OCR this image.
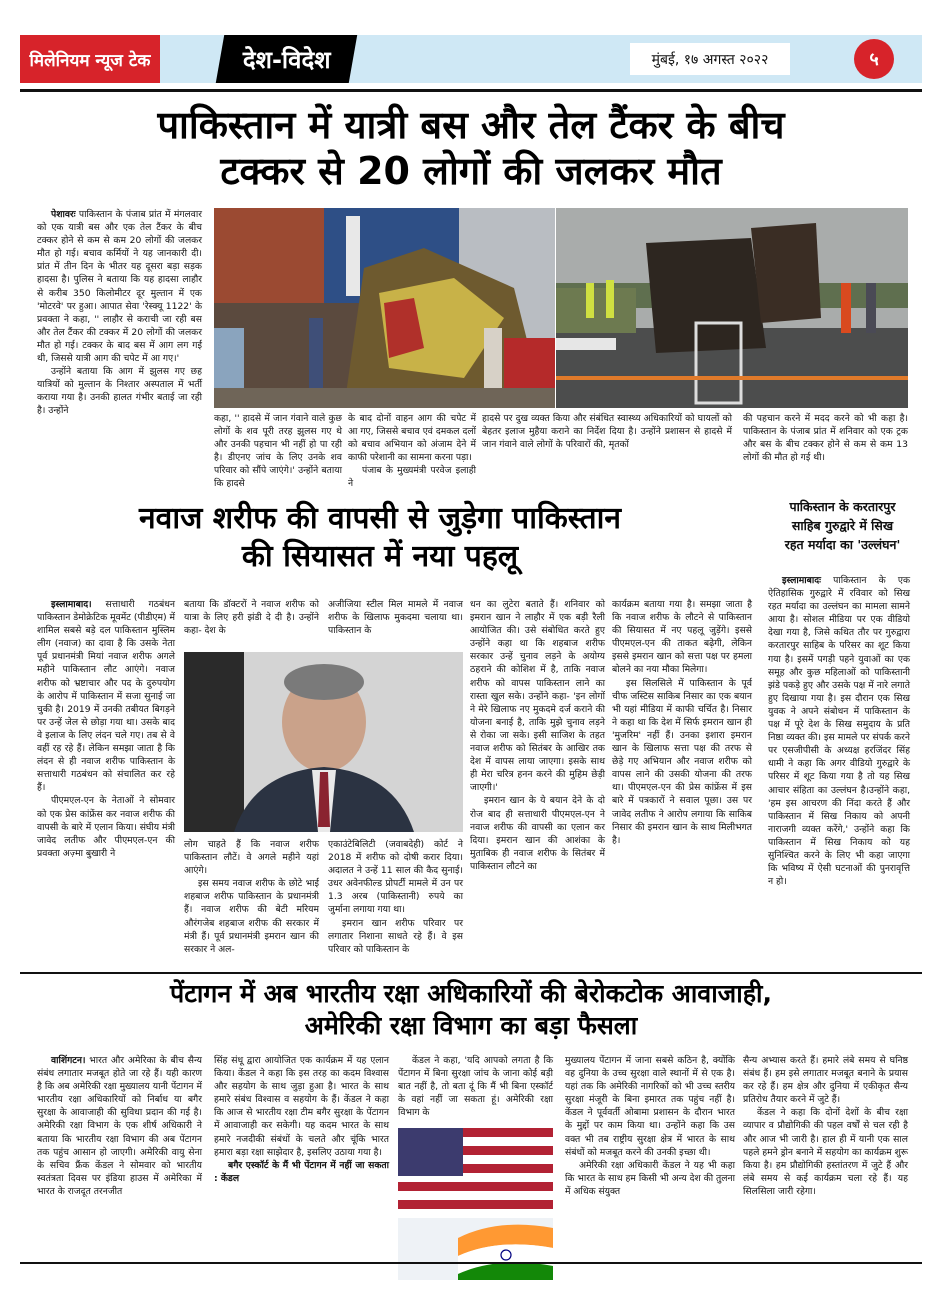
मिलेनियम न्यूज टेक	देश-विदेश	मुंबई, १७ अगस्त २०२२	५
पाकिस्तान में यात्री बस और तेल टैंकर के बीच
टक्कर से 20 लोगों की जलकर मौत

पेशावरः पाकिस्तान के पंजाब प्रांत में मंगलवार को एक यात्री बस और एक तेल टैंकर के बीच टक्कर होने से कम से कम 20 लोगों की जलकर मौत हो गई। बचाव कर्मियों ने यह जानकारी दी। प्रांत में तीन दिन के भीतर यह दूसरा बड़ा सड़क हादसा है। पुलिस ने बताया कि यह हादसा लाहौर से करीब 350 किलोमीटर दूर मुल्तान में एक 'मोटरवे' पर हुआ। आपात सेवा 'रेस्क्यू 1122' के प्रवक्ता ने कहा, '' लाहौर से कराची जा रही बस और तेल टैंकर की टक्कर में 20 लोगों की जलकर मौत हो गई। टक्कर के बाद बस में आग लग गई थी, जिससे यात्री आग की चपेट में आ गए।'

उन्होंने बताया कि आग में झुलस गए छह यात्रियों को मुल्तान के निश्तार अस्पताल में भर्ती कराया गया है। उनकी हालत गंभीर बताई जा रही है। उन्होंने

कहा, '' हादसे में जान गंवाने वाले कुछ लोगों के शव पूरी तरह झुलस गए थे और उनकी पहचान भी नहीं हो पा रही है। डीएनए जांच के लिए उनके शव परिवार को सौंपे जाएंगे।' उन्होंने बताया कि हादसे

के बाद दोनों वाहन आग की चपेट में आ गए, जिससे बचाव एवं दमकल दलों को बचाव अभियान को अंजाम देने में काफी परेशानी का सामना करना पड़ा।

पंजाब के मुख्यमंत्री परवेज इलाही ने

हादसे पर दुख व्यक्त किया और संबंधित स्वास्थ्य अधिकारियों को घायलों को बेहतर इलाज मुहैया कराने का निर्देश दिया है। उन्होंने प्रशासन से हादसे में जान गंवाने वाले लोगों के परिवारों की, मृतकों

की पहचान करने में मदद करने को भी कहा है। पाकिस्तान के पंजाब प्रांत में शनिवार को एक ट्रक और बस के बीच टक्कर होने से कम से कम 13 लोगों की मौत हो गई थी।

नवाज शरीफ की वापसी से जुड़ेगा पाकिस्तान
की सियासत में नया पहलू

इस्लामाबाद। सत्ताधारी गठबंधन पाकिस्तान डेमोक्रेटिक मूवमेंट (पीडीएम) में शामिल सबसे बड़े दल पाकिस्तान मुस्लिम लीग (नवाज) का दावा है कि उसके नेता पूर्व प्रधानमंत्री मियां नवाज शरीफ अगले महीने पाकिस्तान लौट आएंगे। नवाज शरीफ को भ्रष्टाचार और पद के दुरुपयोग के आरोप में पाकिस्तान में सजा सुनाई जा चुकी है। 2019 में उनकी तबीयत बिगड़ने पर उन्हें जेल से छोड़ा गया था। उसके बाद वे इलाज के लिए लंदन चले गए। तब से वे वहीं रह रहे हैं। लेकिन समझा जाता है कि लंदन से ही नवाज शरीफ पाकिस्तान के सत्ताधारी गठबंधन को संचालित कर रहे हैं।

पीएमएल-एन के नेताओं ने सोमवार को एक प्रेस कांफ्रेंस कर नवाज शरीफ की वापसी के बारे में एलान किया। संघीय मंत्री जावेद लतीफ और पीएमएल-एन की प्रवक्ता अज़्मा बुखारी ने

बताया कि डॉक्टरों ने नवाज शरीफ को यात्रा के लिए हरी झंडी दे दी है। उन्होंने कहा- देश के

अजीजिया स्टील मिल मामले में नवाज शरीफ के खिलाफ मुकदमा चलाया था। पाकिस्तान के

लोग चाहते हैं कि नवाज शरीफ पाकिस्तान लौटें। वे अगले महीने यहां आएंगे।

इस समय नवाज शरीफ के छोटे भाई शहबाज शरीफ पाकिस्तान के प्रधानमंत्री हैं। नवाज शरीफ की बेटी मरियम औरंगजेब शहबाज शरीफ की सरकार में मंत्री हैं। पूर्व प्रधानमंत्री इमरान खान की सरकार ने अल-

एकाउंटेबिलिटी (जवाबदेही) कोर्ट ने 2018 में शरीफ को दोषी करार दिया। अदालत ने उन्हें 11 साल की कैद सुनाई। उधर अवेनफील्ड प्रोपर्टी मामले में उन पर 1.3 अरब (पाकिस्तानी) रुपये का जुर्माना लगाया गया था।

इमरान खान शरीफ परिवार पर लगातार निशाना साधते रहे हैं। वे इस परिवार को पाकिस्तान के

धन का लुटेरा बताते हैं। शनिवार को इमरान खान ने लाहौर में एक बड़ी रैली आयोजित की। उसे संबोधित करते हुए उन्होंने कहा था कि शहबाज शरीफ सरकार उन्हें चुनाव लड़ने के अयोग्य ठहराने की कोशिश में है, ताकि नवाज शरीफ को वापस पाकिस्तान लाने का रास्ता खुल सके। उन्होंने कहा- 'इन लोगों ने मेरे खिलाफ नए मुकदमे दर्ज कराने की योजना बनाई है, ताकि मुझे चुनाव लड़ने से रोका जा सके। इसी साजिश के तहत नवाज शरीफ को सितंबर के आखिर तक देश में वापस लाया जाएगा। इसके साथ ही मेरा चरित्र हनन करने की मुहिम छेड़ी जाएगी।'

इमरान खान के ये बयान देने के दो रोज बाद ही सत्ताधारी पीएमएल-एन ने नवाज शरीफ की वापसी का एलान कर दिया। इमरान खान की आशंका के मुताबिक ही नवाज शरीफ के सितंबर में पाकिस्तान लौटने का

कार्यक्रम बताया गया है। समझा जाता है कि नवाज शरीफ के लौटने से पाकिस्तान की सियासत में नए पहलू जुड़ेंगे। इससे पीएमएल-एन की ताकत बढ़ेगी, लेकिन इससे इमरान खान को सत्ता पक्ष पर हमला बोलने का नया मौका मिलेगा।

इस सिलसिले में पाकिस्तान के पूर्व चीफ जस्टिस साकिब निसार का एक बयान भी यहां मीडिया में काफी चर्चित है। निसार ने कहा था कि देश में सिर्फ इमरान खान ही 'मुजरिम' नहीं हैं। उनका इशारा इमरान खान के खिलाफ सत्ता पक्ष की तरफ से छेड़े गए अभियान और नवाज शरीफ को वापस लाने की उसकी योजना की तरफ था। पीएमएल-एन की प्रेस कांफ्रेंस में इस बारे में पत्रकारों ने सवाल पूछा। उस पर जावेद लतीफ ने आरोप लगाया कि साकिब निसार की इमरान खान के साथ मिलीभगत है।

पाकिस्तान के करतारपुर
साहिब गुरुद्वारे में सिख
रहत मर्यादा का 'उल्लंघन'

इस्लामाबादः पाकिस्तान के एक ऐतिहासिक गुरुद्वारे में रविवार को सिख रहत मर्यादा का उल्लंघन का मामला सामने आया है। सोशल मीडिया पर एक वीडियो देखा गया है, जिसे कथित तौर पर गुरुद्वारा करतारपुर साहिब के परिसर का शूट किया गया है। इसमें पगड़ी पहने युवाओं का एक समूह और कुछ महिलाओं को पाकिस्तानी झंडे पकड़े हुए और उसके पक्ष में नारे लगाते हुए दिखाया गया है। इस दौरान एक सिख युवक ने अपने संबोधन में पाकिस्तान के पक्ष में पूरे देश के सिख समुदाय के प्रति निष्ठा व्यक्त की। इस मामले पर संपर्क करने पर एसजीपीसी के अध्यक्ष हरजिंदर सिंह धामी ने कहा कि अगर वीडियो गुरुद्वारे के परिसर में शूट किया गया है तो यह सिख आचार संहिता का उल्लंघन है।उन्होंने कहा, 'हम इस आचरण की निंदा करते हैं और पाकिस्तान में सिख निकाय को अपनी नाराजगी व्यक्त करेंगे,' उन्होंने कहा कि पाकिस्तान में सिख निकाय को यह सुनिश्चित करने के लिए भी कहा जाएगा कि भविष्य में ऐसी घटनाओं की पुनरावृत्ति न हो।

पेंटागन में अब भारतीय रक्षा अधिकारियों की बेरोकटोक आवाजाही,
अमेरिकी रक्षा विभाग का बड़ा फैसला

वाशिंगटन। भारत और अमेरिका के बीच सैन्य संबंध लगातार मजबूत होते जा रहे हैं। यही कारण है कि अब अमेरिकी रक्षा मुख्यालय यानी पेंटागन में भारतीय रक्षा अधिकारियों को निर्बाध या बगैर सुरक्षा के आवाजाही की सुविधा प्रदान की गई है। अमेरिकी रक्षा विभाग के एक शीर्ष अधिकारी ने बताया कि भारतीय रक्षा विभाग की अब पेंटागन तक पहुंच आसान हो जाएगी। अमेरिकी वायु सेना के सचिव फ्रैंक केंडल ने सोमवार को भारतीय स्वतंत्रता दिवस पर इंडिया हाउस में अमेरिका में भारत के राजदूत तरनजीत

सिंह संधू द्वारा आयोजित एक कार्यक्रम में यह एलान किया। केंडल ने कहा कि इस तरह का कदम विश्वास और सहयोग के साथ जुड़ा हुआ है। भारत के साथ हमारे संबंध विश्वास व सहयोग के हैं। केंडल ने कहा कि आज से भारतीय रक्षा टीम बगैर सुरक्षा के पेंटागन में आवाजाही कर सकेगी। यह कदम भारत के साथ हमारे नजदीकी संबंधों के चलते और चूंकि भारत हमारा बड़ा रक्षा साझेदार है, इसलिए उठाया गया है।

बगैर एस्कॉर्ट के मैं भी पेंटागन में नहीं जा सकता : केंडल

केंडल ने कहा, 'यदि आपको लगता है कि पेंटागन में बिना सुरक्षा जांच के जाना कोई बड़ी बात नहीं है, तो बता दूं कि मैं भी बिना एस्कॉर्ट के वहां नहीं जा सकता हूं। अमेरिकी रक्षा विभाग के

मुख्यालय पेंटागन में जाना सबसे कठिन है, क्योंकि वह दुनिया के उच्च सुरक्षा वाले स्थानों में से एक है। यहां तक कि अमेरिकी नागरिकों को भी उच्च स्तरीय सुरक्षा मंजूरी के बिना इमारत तक पहुंच नहीं है। केंडल ने पूर्ववर्ती ओबामा प्रशासन के दौरान भारत के मुद्दों पर काम किया था। उन्होंने कहा कि उस वक्त भी तब राष्ट्रीय सुरक्षा क्षेत्र में भारत के साथ संबंधों को मजबूत करने की उनकी इच्छा थी।

अमेरिकी रक्षा अधिकारी केंडल ने यह भी कहा कि भारत के साथ हम किसी भी अन्य देश की तुलना में अधिक संयुक्त

सैन्य अभ्यास करते हैं। हमारे लंबे समय से घनिष्ठ संबंध हैं। हम इसे लगातार मजबूत बनाने के प्रयास कर रहे हैं। हम क्षेत्र और दुनिया में एकीकृत सैन्य प्रतिरोध तैयार करने में जुटे हैं।

केंडल ने कहा कि दोनों देशों के बीच रक्षा व्यापार व प्रौद्योगिकी की पहल वर्षों से चल रही है और आज भी जारी है। हाल ही में यानी एक साल पहले हमने ड्रोन बनाने में सहयोग का कार्यक्रम शुरू किया है। हम प्रौद्योगिकी हस्तांतरण में जुटे हैं और लंबे समय से कई कार्यक्रम चला रहे हैं। यह सिलसिला जारी रहेगा।
